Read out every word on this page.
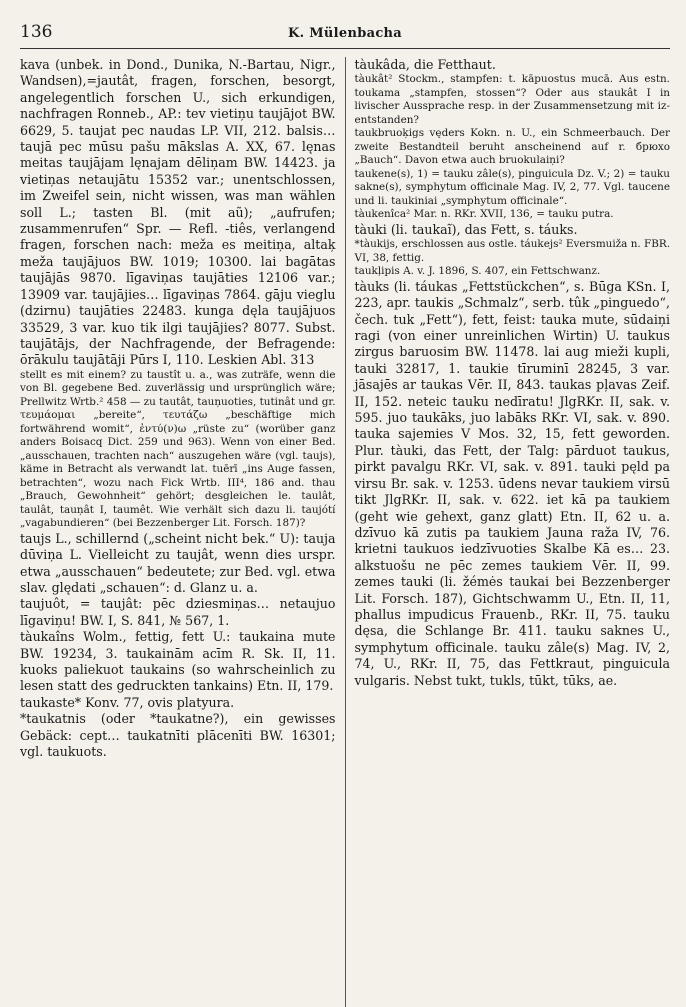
136	K. Mülenbacha

kava (unbek. in Dond., Dunika, N.-Bartau, Nigr., Wandsen),=jautât, fragen, forschen, besorgt, angelegentlich forschen U., sich erkundigen, nachfragen Ronneb., AP.: tev vietiņu taujājot BW. 6629, 5. taujat pec naudas LP. VII, 212. balsis… taujā pec mūsu pašu mākslas A. XX, 67. lęnas meitas taujājam lęnajam dēliņam BW. 14423. ja vietiņas netaujātu 15352 var.; unentschlossen, im Zweifel sein, nicht wissen, was man wählen soll L.; tasten Bl. (mit aũ); „aufrufen; zusammenrufen“ Spr. — Refl. -tiês, verlangend fragen, forschen nach: meža es meitiņa, altaķ meža taujājuos BW. 1019; 10300. lai bagātas taujājās 9870. līgaviņas taujāties 12106 var.; 13909 var. taujājies… līgaviņas 7864. gāju vieglu (dzirnu) taujāties 22483. kunga dęla taujājuos 33529, 3 var. kuo tik ilgi taujājies? 8077. Subst. taujātājs, der Nachfragende, der Befragende: ōrākulu taujātāji Pūrs I, 110. Leskien Abl. 313

stellt es mit einem? zu taustît u. a., was zuträfe, wenn die von Bl. gegebene Bed. zuverlässig und ursprünglich wäre; Prellwitz Wrtb.² 458 — zu tautât, tauņuoties, tutinât und gr. τευμάομαι „bereite“, τευτάζω „beschäftige mich fortwährend womit“, ἐντύ(ν)ω „rüste zu“ (worüber ganz anders Boisacq Dict. 259 und 963). Wenn von einer Bed. „ausschauen, trachten nach“ auszugehen wäre (vgl. taujs), käme in Betracht als verwandt lat. tuērī „ins Auge fassen, betrachten“, wozu nach Fick Wrtb. III⁴, 186 and. thau „Brauch, Gewohnheit“ gehört; desgleichen le. taulât, taulât, tauņât I, taumêt. Wie verhält sich dazu li. taujótí „vagabundieren“ (bei Bezzenberger Lit. Forsch. 187)?

taujs L., schillernd („scheint nicht bek.“ U): tauja dūviņa L. Vielleicht zu taujât, wenn dies urspr. etwa „ausschauen“ bedeutete; zur Bed. vgl. etwa slav. ględati „schauen“: d. Glanz u. a.

taujuôt, = taujât: pēc dziesmiņas… netaujuo līgaviņu! BW. I, S. 841, № 567, 1.

tàukaîns Wolm., fettig, fett U.: taukaina mute BW. 19234, 3. taukainām acīm R. Sk. II, 11. kuoks paliekuot taukains (so wahrscheinlich zu lesen statt des gedruckten tankains) Etn. II, 179.

taukaste* Konv. 77, ovis platyura.

*taukatnis (oder *taukatne?), ein gewisses Gebäck: cept… taukatnīti plācenīti BW. 16301; vgl. taukuots.

tàukâda, die Fetthaut.

tàukât² Stockm., stampfen: t. kāpuostus mucā. Aus estn. toukama „stampfen, stossen“? Oder aus staukât I in livischer Aussprache resp. in der Zusammensetzung mit iz- entstanden?

taukbruoķigs vęders Kokn. n. U., ein Schmeerbauch. Der zweite Bestandteil beruht anscheinend auf r. брюхо „Bauch“. Davon etwa auch bruokulaiņi?

taukene(s), 1) = tauku zâle(s), pinguicula Dz. V.; 2) = tauku sakne(s), symphytum officinale Mag. IV, 2, 77. Vgl. taucene und li. taukiniai „symphytum officinale“.

tàukenîca² Mar. n. RKr. XVII, 136, = tauku putra.

tàuki (li. taukaĩ), das Fett, s. táuks.

*tàukijs, erschlossen aus ostle. táukejs² Eversmuiža n. FBR. VI, 38, fettig.

taukļipis A. v. J. 1896, S. 407, ein Fettschwanz.

tàuks (li. táukas „Fettstückchen“, s. Būga KSn. I, 223, apr. taukis „Schmalz“, serb. tûk „pinguedo“, čech. tuk „Fett“), fett, feist: tauka mute, sūdaiņi ragi (von einer unreinlichen Wirtin) U. taukus zirgus baruosim BW. 11478. lai aug mieži kupli, tauki 32817, 1. taukie tīruminī 28245, 3 var. jāsajēs ar taukas Vēr. II, 843. taukas pļavas Zeif. II, 152. neteic tauku nedīratu! JlgRKr. II, sak. v. 595. juo taukāks, juo labāks RKr. VI, sak. v. 890. tauka sajemies V Mos. 32, 15, fett geworden. Plur. tàuki, das Fett, der Talg: pārduot taukus, pirkt pavalgu RKr. VI, sak. v. 891. tauki pęld pa virsu Br. sak. v. 1253. ūdens nevar taukiem virsū tikt JlgRKr. II, sak. v. 622. iet kā pa taukiem (geht wie gehext, ganz glatt) Etn. II, 62 u. a. dzīvuo kā zutis pa taukiem Jauna raža IV, 76. krietni taukuos iedzīvuoties Skalbe Kā es… 23. alkstuošu ne pēc zemes taukiem Vēr. II, 99. zemes tauki (li. žémės taukai bei Bezzenberger Lit. Forsch. 187), Gichtschwamm U., Etn. II, 11, phallus impudicus Frauenb., RKr. II, 75. tauku dęsa, die Schlange Br. 411. tauku saknes U., symphytum officinale. tauku zâle(s) Mag. IV, 2, 74, U., RKr. II, 75, das Fettkraut, pinguicula vulgaris. Nebst tukt, tukls, tūkt, tūks, ae.
